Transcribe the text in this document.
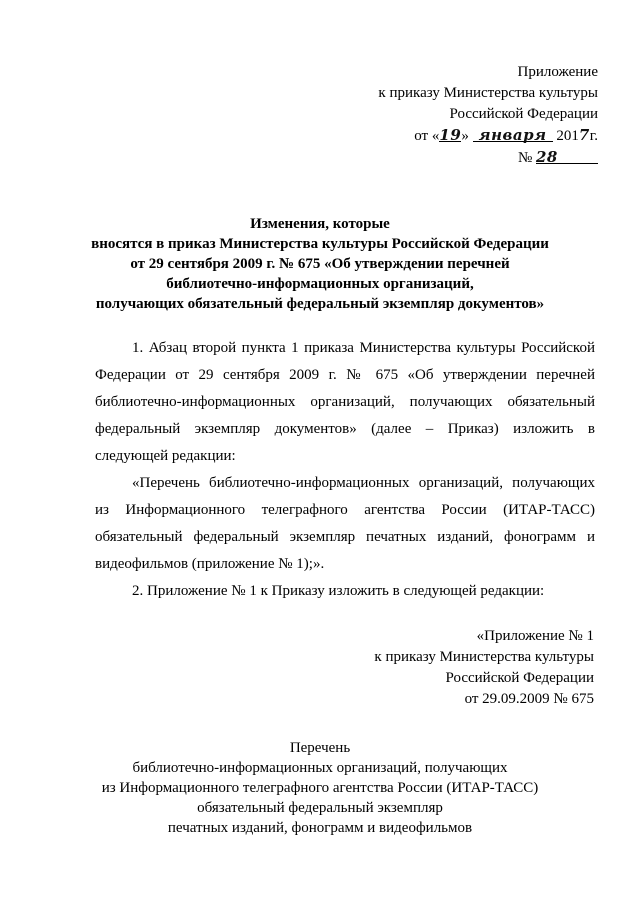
Приложение
к приказу Министерства культуры
Российской Федерации
от «19» января 2017г.
№ 28
Изменения, которые
вносятся в приказ Министерства культуры Российской Федерации
от 29 сентября 2009 г. № 675 «Об утверждении перечней
библиотечно-информационных организаций,
получающих обязательный федеральный экземпляр документов»

1. Абзац второй пункта 1 приказа Министерства культуры Российской Федерации от 29 сентября 2009 г. № 675 «Об утверждении перечней библиотечно-информационных организаций, получающих обязательный федеральный экземпляр документов» (далее – Приказ) изложить в следующей редакции:

«Перечень библиотечно-информационных организаций, получающих из Информационного телеграфного агентства России (ИТАР-ТАСС) обязательный федеральный экземпляр печатных изданий, фонограмм и видеофильмов (приложение № 1);».

2. Приложение № 1 к Приказу изложить в следующей редакции:

«Приложение № 1
к приказу Министерства культуры
Российской Федерации
от 29.09.2009 № 675
Перечень
библиотечно-информационных организаций, получающих
из Информационного телеграфного агентства России (ИТАР-ТАСС)
обязательный федеральный экземпляр
печатных изданий, фонограмм и видеофильмов
